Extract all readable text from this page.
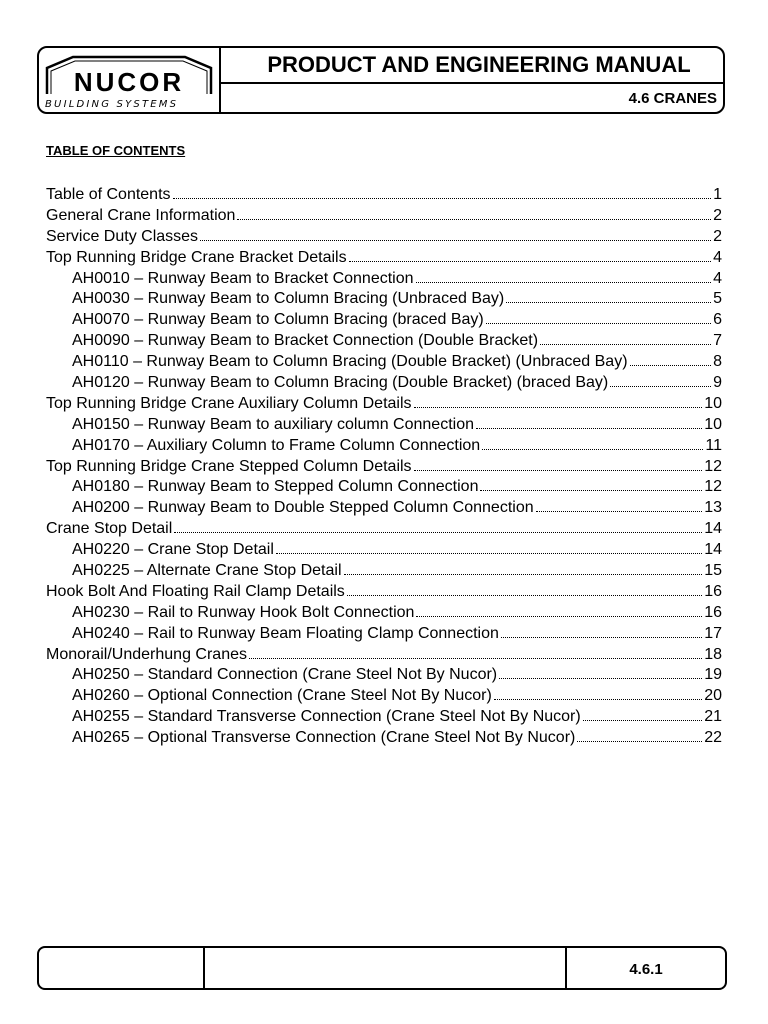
NUCOR
BUILDING SYSTEMS
PRODUCT AND ENGINEERING MANUAL
4.6 CRANES
TABLE OF CONTENTS
Table of Contents	1
General Crane Information	2
Service Duty Classes	2
Top Running Bridge Crane Bracket Details	4
AH0010 – Runway Beam to Bracket Connection	4
AH0030 – Runway Beam to Column Bracing (Unbraced Bay)	5
AH0070 – Runway Beam to Column Bracing (braced Bay)	6
AH0090 – Runway Beam to Bracket Connection (Double Bracket)	7
AH0110 – Runway Beam to Column Bracing (Double Bracket) (Unbraced Bay)	8
AH0120 – Runway Beam to Column Bracing (Double Bracket) (braced Bay)	9
Top Running Bridge Crane Auxiliary Column Details	10
AH0150 – Runway Beam to auxiliary column Connection	10
AH0170 – Auxiliary Column to Frame Column Connection	11
Top Running Bridge Crane Stepped Column Details	12
AH0180 – Runway Beam to Stepped Column Connection	12
AH0200 – Runway Beam to Double Stepped Column Connection	13
Crane Stop Detail	14
AH0220 – Crane Stop Detail	14
AH0225 – Alternate Crane Stop Detail	15
Hook Bolt And Floating Rail Clamp Details	16
AH0230 – Rail to Runway Hook Bolt Connection	16
AH0240 – Rail to Runway Beam Floating Clamp Connection	17
Monorail/Underhung Cranes	18
AH0250 – Standard Connection (Crane Steel Not By Nucor)	19
AH0260 – Optional Connection (Crane Steel Not By Nucor)	20
AH0255 – Standard Transverse Connection (Crane Steel Not By Nucor)	21
AH0265 – Optional Transverse Connection (Crane Steel Not By Nucor)	22
4.6.1
